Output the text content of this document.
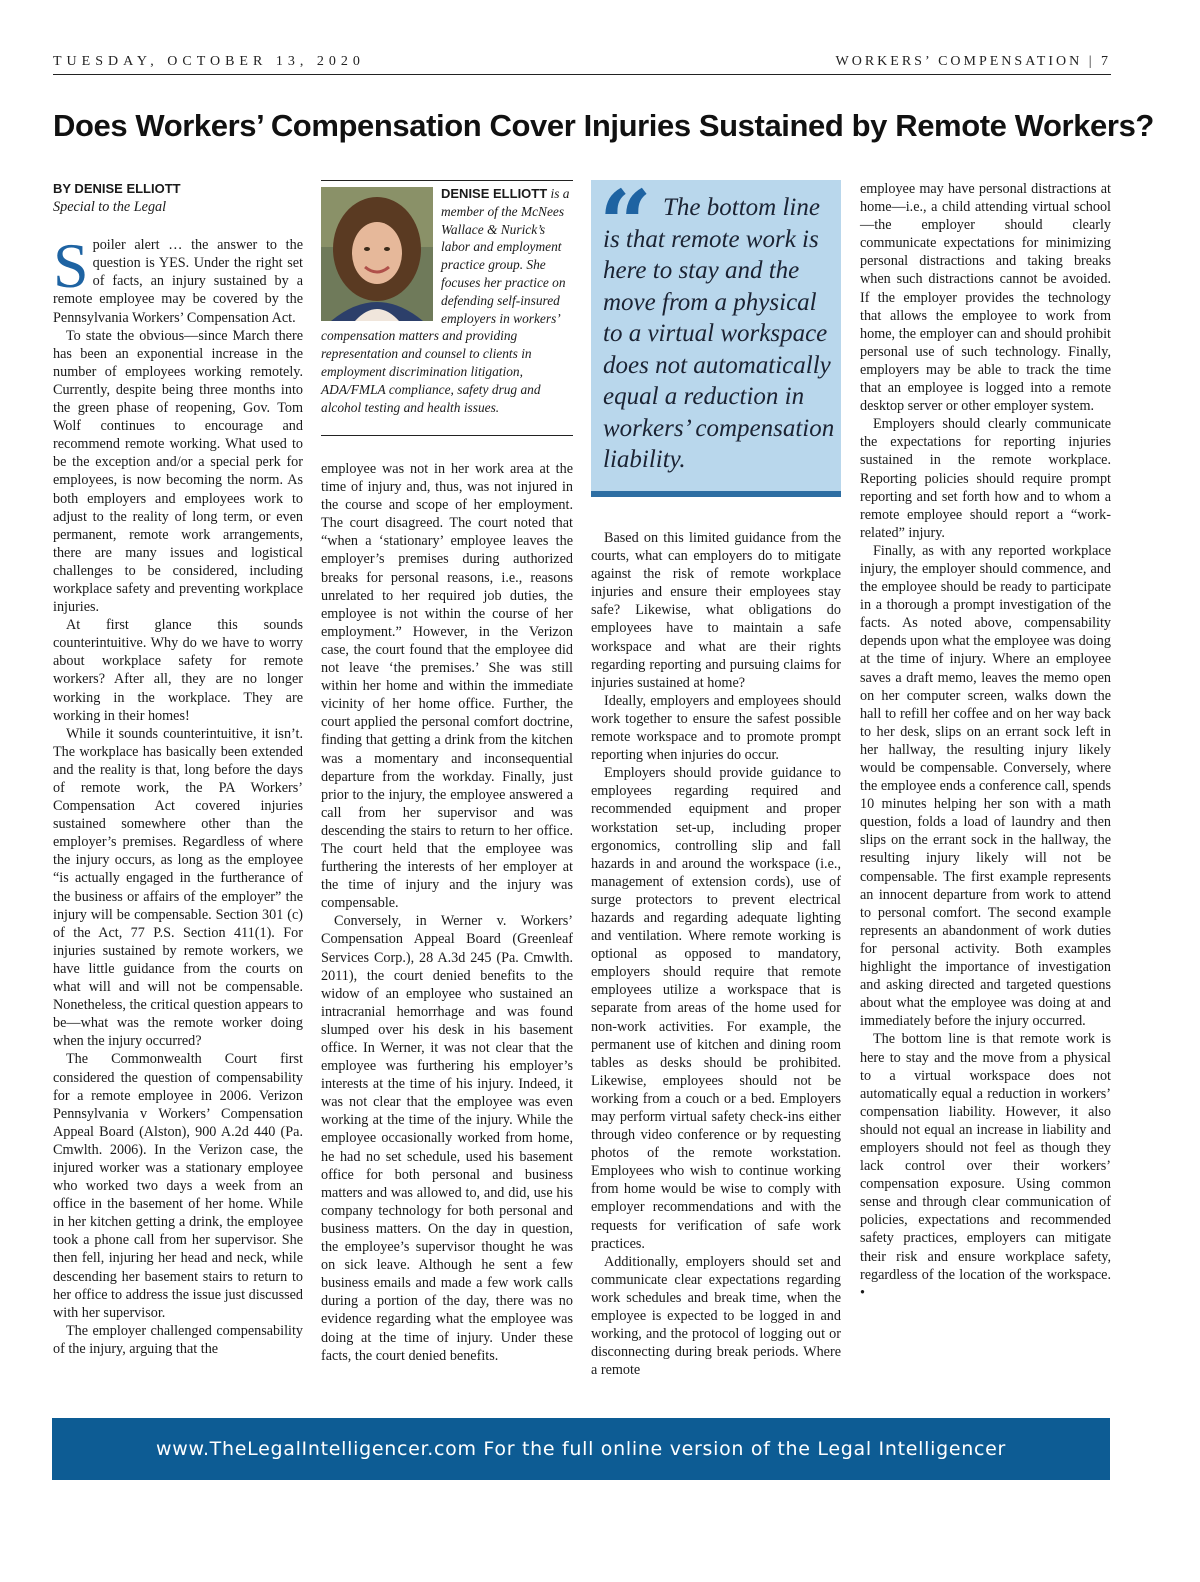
TUESDAY, OCTOBER 13, 2020	WORKERS’ COMPENSATION | 7
Does Workers’ Compensation Cover Injuries Sustained by Remote Workers?

BY DENISE ELLIOTT

Special to the Legal

Spoiler alert … the answer to the question is YES. Under the right set of facts, an injury sustained by a remote employee may be covered by the Pennsylvania Workers’ Compensation Act.

To state the obvious—since March there has been an exponential increase in the number of employees working remotely. Currently, despite being three months into the green phase of reopening, Gov. Tom Wolf continues to encourage and recommend remote working. What used to be the exception and/or a special perk for employees, is now becoming the norm. As both employers and employees work to adjust to the reality of long term, or even permanent, remote work arrangements, there are many issues and logistical challenges to be considered, including workplace safety and preventing workplace injuries.

At first glance this sounds counterintuitive. Why do we have to worry about workplace safety for remote workers? After all, they are no longer working in the workplace. They are working in their homes!

While it sounds counterintuitive, it isn’t. The workplace has basically been extended and the reality is that, long before the days of remote work, the PA Workers’ Compensation Act covered injuries sustained somewhere other than the employer’s premises. Regardless of where the injury occurs, as long as the employee “is actually engaged in the furtherance of the business or affairs of the employer” the injury will be compensable. Section 301 (c) of the Act, 77 P.S. Section 411(1). For injuries sustained by remote workers, we have little guidance from the courts on what will and will not be compensable. Nonetheless, the critical question appears to be—what was the remote worker doing when the injury occurred?

The Commonwealth Court first considered the question of compensability for a remote employee in 2006. Verizon Pennsylvania v Workers’ Compensation Appeal Board (Alston), 900 A.2d 440 (Pa. Cmwlth. 2006). In the Verizon case, the injured worker was a stationary employee who worked two days a week from an office in the basement of her home. While in her kitchen getting a drink, the employee took a phone call from her supervisor. She then fell, injuring her head and neck, while descending her basement stairs to return to her office to address the issue just discussed with her supervisor.

The employer challenged compensability of the injury, arguing that the

DENISE ELLIOTT is a member of the McNees Wallace & Nurick’s labor and employment practice group. She focuses her practice on defending self-insured employers in workers’ compensation matters and providing representation and counsel to clients in employment discrimination litigation, ADA/FMLA compliance, safety drug and alcohol testing and health issues.

employee was not in her work area at the time of injury and, thus, was not injured in the course and scope of her employment. The court disagreed. The court noted that “when a ‘stationary’ employee leaves the employer’s premises during authorized breaks for personal reasons, i.e., reasons unrelated to her required job duties, the employee is not within the course of her employment.” However, in the Verizon case, the court found that the employee did not leave ‘the premises.’ She was still within her home and within the immediate vicinity of her home office. Further, the court applied the personal comfort doctrine, finding that getting a drink from the kitchen was a momentary and inconsequential departure from the workday. Finally, just prior to the injury, the employee answered a call from her supervisor and was descending the stairs to return to her office. The court held that the employee was furthering the interests of her employer at the time of injury and the injury was compensable.

Conversely, in Werner v. Workers’ Compensation Appeal Board (Greenleaf Services Corp.), 28 A.3d 245 (Pa. Cmwlth. 2011), the court denied benefits to the widow of an employee who sustained an intracranial hemorrhage and was found slumped over his desk in his basement office. In Werner, it was not clear that the employee was furthering his employer’s interests at the time of his injury. Indeed, it was not clear that the employee was even working at the time of the injury. While the employee occasionally worked from home, he had no set schedule, used his basement office for both personal and business matters and was allowed to, and did, use his company technology for both personal and business matters. On the day in question, the employee’s supervisor thought he was on sick leave. Although he sent a few business emails and made a few work calls during a portion of the day, there was no evidence regarding what the employee was doing at the time of injury. Under these facts, the court denied benefits.

“ The bottom line is that remote work is here to stay and the move from a physical to a virtual workspace does not automatically equal a reduction in workers’ compensation liability.

Based on this limited guidance from the courts, what can employers do to mitigate against the risk of remote workplace injuries and ensure their employees stay safe? Likewise, what obligations do employees have to maintain a safe workspace and what are their rights regarding reporting and pursuing claims for injuries sustained at home?

Ideally, employers and employees should work together to ensure the safest possible remote workspace and to promote prompt reporting when injuries do occur.

Employers should provide guidance to employees regarding required and recommended equipment and proper workstation set-up, including proper ergonomics, controlling slip and fall hazards in and around the workspace (i.e., management of extension cords), use of surge protectors to prevent electrical hazards and regarding adequate lighting and ventilation. Where remote working is optional as opposed to mandatory, employers should require that remote employees utilize a workspace that is separate from areas of the home used for non-work activities. For example, the permanent use of kitchen and dining room tables as desks should be prohibited. Likewise, employees should not be working from a couch or a bed. Employers may perform virtual safety check-ins either through video conference or by requesting photos of the remote workstation. Employees who wish to continue working from home would be wise to comply with employer recommendations and with the requests for verification of safe work practices.

Additionally, employers should set and communicate clear expectations regarding work schedules and break time, when the employee is expected to be logged in and working, and the protocol of logging out or disconnecting during break periods. Where a remote

employee may have personal distractions at home—i.e., a child attending virtual school—the employer should clearly communicate expectations for minimizing personal distractions and taking breaks when such distractions cannot be avoided. If the employer provides the technology that allows the employee to work from home, the employer can and should prohibit personal use of such technology. Finally, employers may be able to track the time that an employee is logged into a remote desktop server or other employer system.

Employers should clearly communicate the expectations for reporting injuries sustained in the remote workplace. Reporting policies should require prompt reporting and set forth how and to whom a remote employee should report a “work-related” injury.

Finally, as with any reported workplace injury, the employer should commence, and the employee should be ready to participate in a thorough a prompt investigation of the facts. As noted above, compensability depends upon what the employee was doing at the time of injury. Where an employee saves a draft memo, leaves the memo open on her computer screen, walks down the hall to refill her coffee and on her way back to her desk, slips on an errant sock left in her hallway, the resulting injury likely would be compensable. Conversely, where the employee ends a conference call, spends 10 minutes helping her son with a math question, folds a load of laundry and then slips on the errant sock in the hallway, the resulting injury likely will not be compensable. The first example represents an innocent departure from work to attend to personal comfort. The second example represents an abandonment of work duties for personal activity. Both examples highlight the importance of investigation and asking directed and targeted questions about what the employee was doing at and immediately before the injury occurred.

The bottom line is that remote work is here to stay and the move from a physical to a virtual workspace does not automatically equal a reduction in workers’ compensation liability. However, it also should not equal an increase in liability and employers should not feel as though they lack control over their workers’ compensation exposure. Using common sense and through clear communication of policies, expectations and recommended safety practices, employers can mitigate their risk and ensure workplace safety, regardless of the location of the workspace. •

www.TheLegalIntelligencer.com For the full online version of the Legal Intelligencer
